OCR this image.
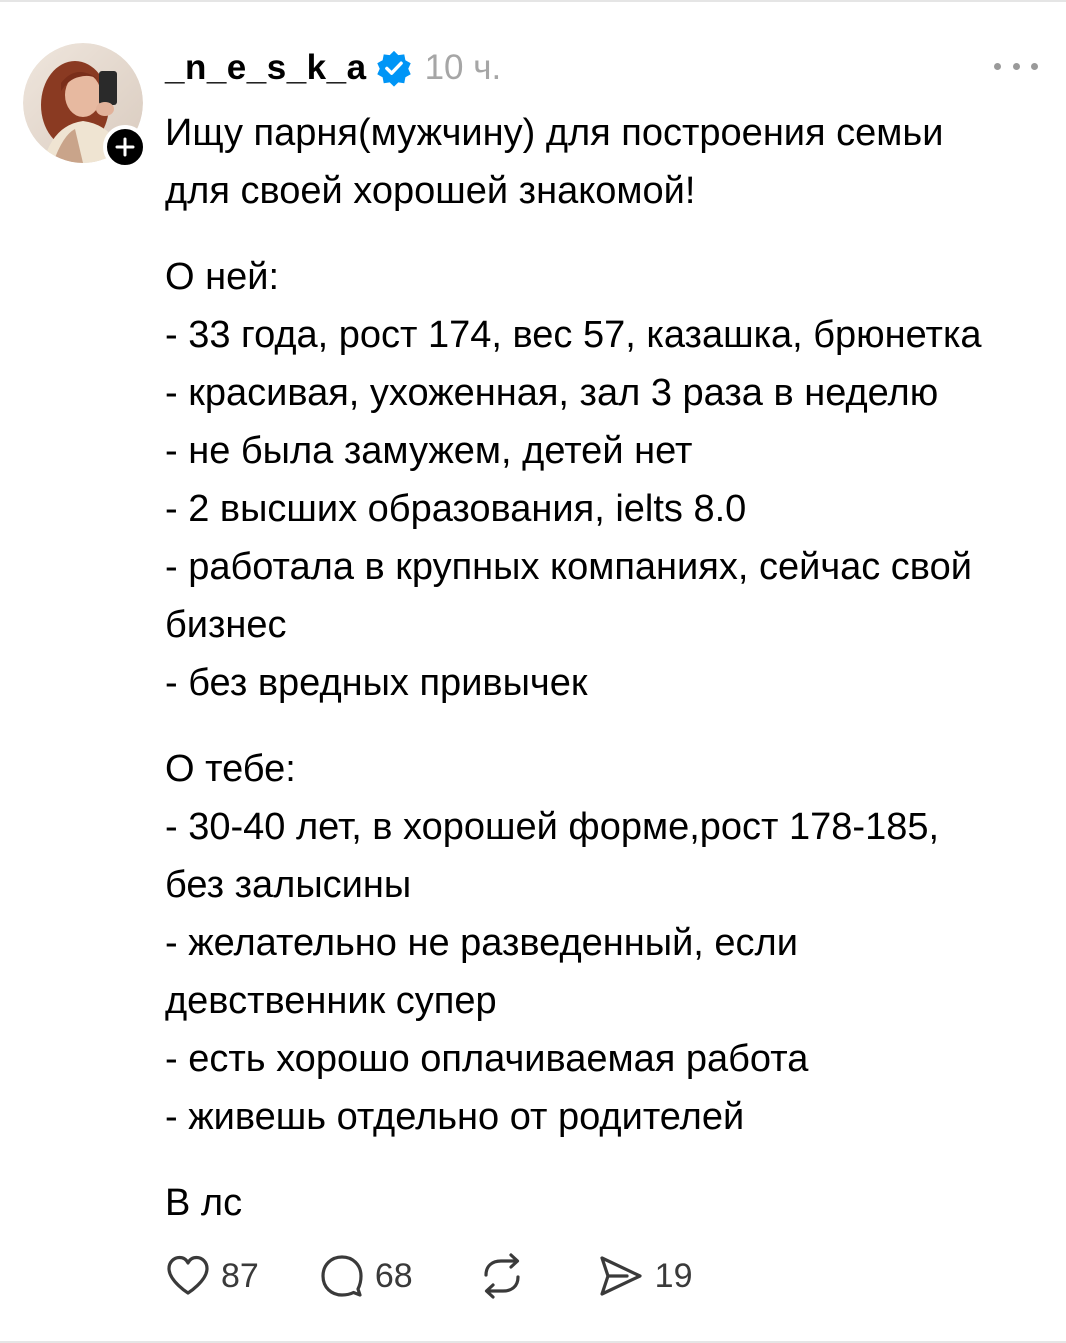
_n_e_s_k_a 10 ч.

Ищу парня(мужчину) для построения семьи

для своей хорошей знакомой!

О ней:

- 33 года, рост 174, вес 57, казашка, брюнетка

- красивая, ухоженная, зал 3 раза в неделю

- не была замужем, детей нет

- 2 высших образования, ielts 8.0

- работала в крупных компаниях, сейчас свой

бизнес

- без вредных привычек

О тебе:

- 30-40 лет, в хорошей форме,рост 178-185,

без залысины

- желательно не разведенный, если

девственник супер

- есть хорошо оплачиваемая работа

- живешь отдельно от родителей

В лс

87	68	19
